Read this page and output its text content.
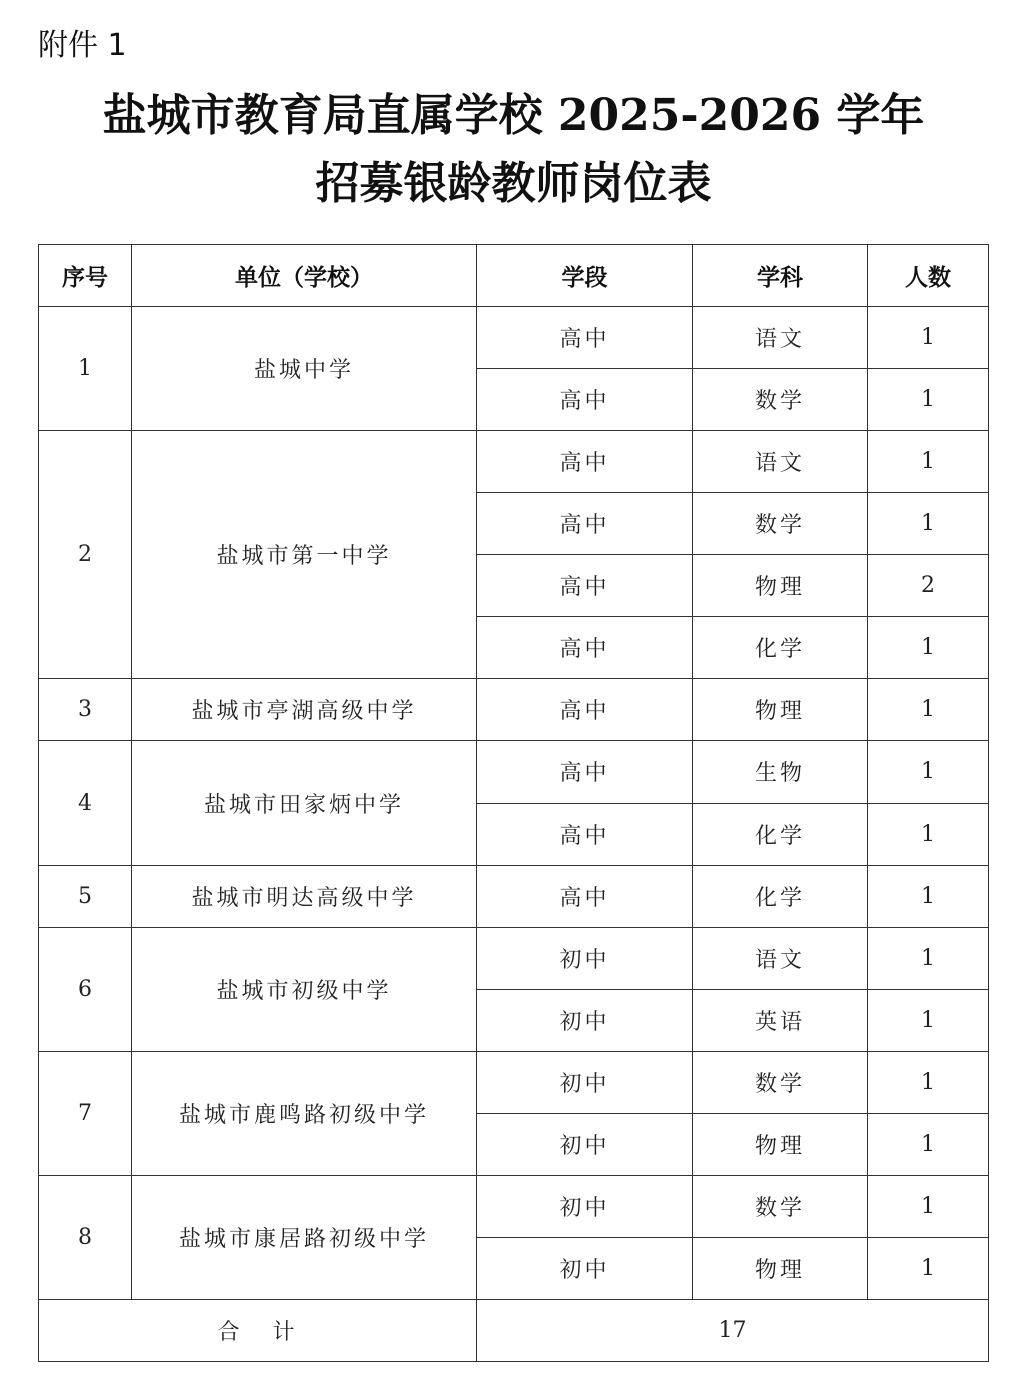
附件 1
盐城市教育局直属学校 2025-2026 学年
招募银龄教师岗位表
序号	单位（学校）	学段	学科	人数
1	盐城中学	高中	语文	1
		高中	数学	1
2	盐城市第一中学	高中	语文	1
		高中	数学	1
		高中	物理	2
		高中	化学	1
3	盐城市亭湖高级中学	高中	物理	1
4	盐城市田家炳中学	高中	生物	1
		高中	化学	1
5	盐城市明达高级中学	高中	化学	1
6	盐城市初级中学	初中	语文	1
		初中	英语	1
7	盐城市鹿鸣路初级中学	初中	数学	1
		初中	物理	1
8	盐城市康居路初级中学	初中	数学	1
		初中	物理	1
合 计		17		
